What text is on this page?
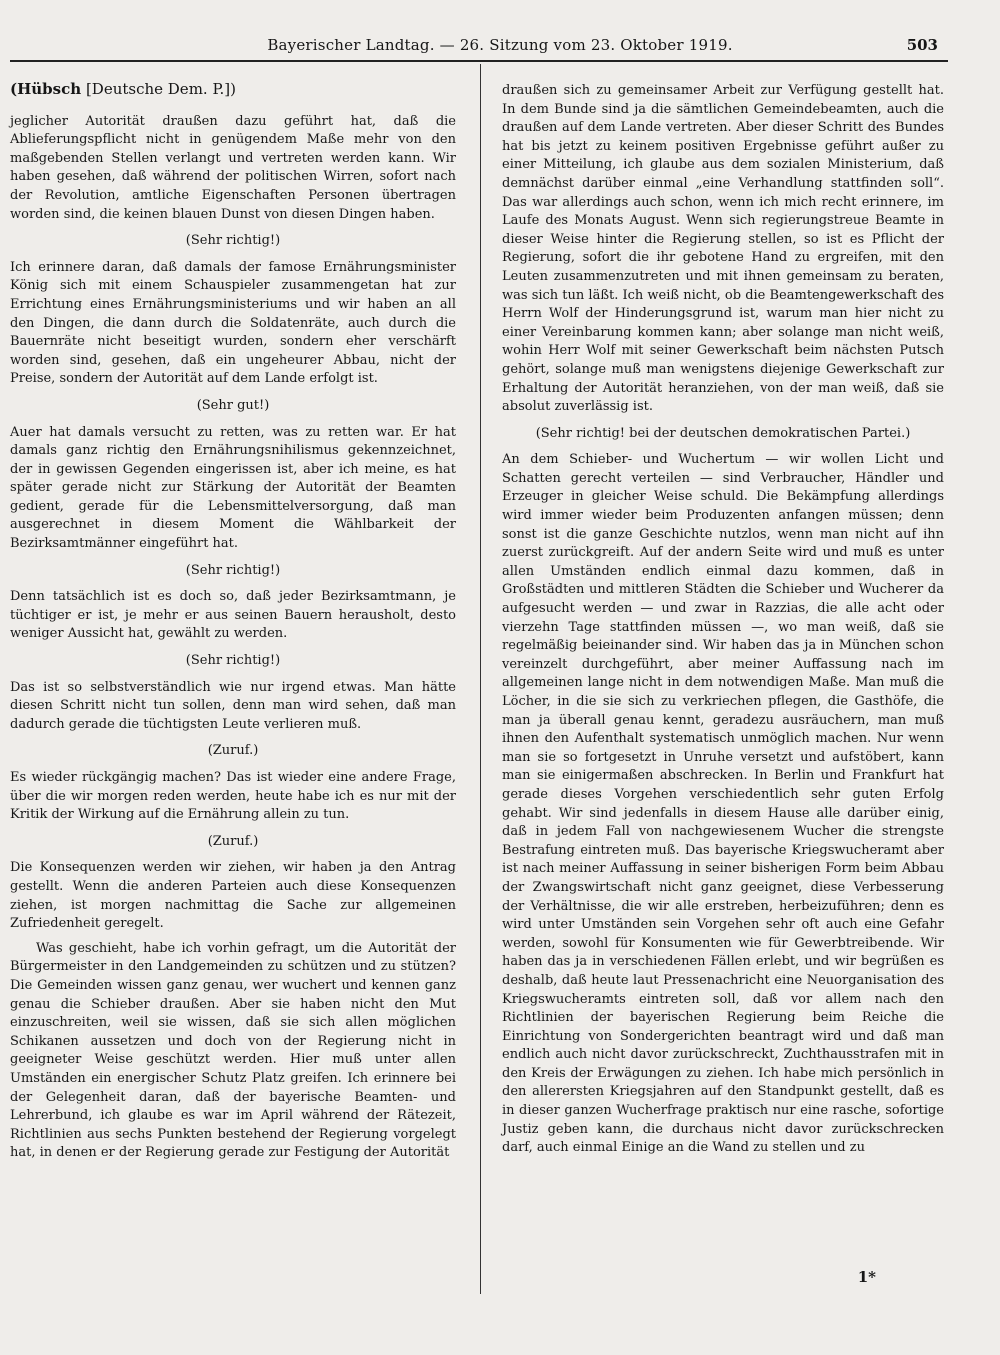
Bayerischer Landtag. — 26. Sitzung vom 23. Oktober 1919.	503
(Hübsch [Deutsche Dem. P.])

jeglicher Autorität draußen dazu geführt hat, daß die Ablieferungspflicht nicht in genügendem Maße mehr von den maßgebenden Stellen verlangt und vertreten werden kann. Wir haben gesehen, daß während der politischen Wirren, sofort nach der Revolution, amtliche Eigenschaften Personen übertragen worden sind, die keinen blauen Dunst von diesen Dingen haben.

(Sehr richtig!)

Ich erinnere daran, daß damals der famose Ernährungsminister König sich mit einem Schauspieler zusammengetan hat zur Errichtung eines Ernährungsministeriums und wir haben an all den Dingen, die dann durch die Soldatenräte, auch durch die Bauernräte nicht beseitigt wurden, sondern eher verschärft worden sind, gesehen, daß ein ungeheurer Abbau, nicht der Preise, sondern der Autorität auf dem Lande erfolgt ist.

(Sehr gut!)

Auer hat damals versucht zu retten, was zu retten war. Er hat damals ganz richtig den Ernährungsnihilismus gekennzeichnet, der in gewissen Gegenden eingerissen ist, aber ich meine, es hat später gerade nicht zur Stärkung der Autorität der Beamten gedient, gerade für die Lebensmittelversorgung, daß man ausgerechnet in diesem Moment die Wählbarkeit der Bezirksamtmänner eingeführt hat.

(Sehr richtig!)

Denn tatsächlich ist es doch so, daß jeder Bezirksamtmann, je tüchtiger er ist, je mehr er aus seinen Bauern herausholt, desto weniger Aussicht hat, gewählt zu werden.

(Sehr richtig!)

Das ist so selbstverständlich wie nur irgend etwas. Man hätte diesen Schritt nicht tun sollen, denn man wird sehen, daß man dadurch gerade die tüchtigsten Leute verlieren muß.

(Zuruf.)

Es wieder rückgängig machen? Das ist wieder eine andere Frage, über die wir morgen reden werden, heute habe ich es nur mit der Kritik der Wirkung auf die Ernährung allein zu tun.

(Zuruf.)

Die Konsequenzen werden wir ziehen, wir haben ja den Antrag gestellt. Wenn die anderen Parteien auch diese Konsequenzen ziehen, ist morgen nachmittag die Sache zur allgemeinen Zufriedenheit geregelt.

Was geschieht, habe ich vorhin gefragt, um die Autorität der Bürgermeister in den Landgemeinden zu schützen und zu stützen? Die Gemeinden wissen ganz genau, wer wuchert und kennen ganz genau die Schieber draußen. Aber sie haben nicht den Mut einzuschreiten, weil sie wissen, daß sie sich allen möglichen Schikanen aussetzen und doch von der Regierung nicht in geeigneter Weise geschützt werden. Hier muß unter allen Umständen ein energischer Schutz Platz greifen. Ich erinnere bei der Gelegenheit daran, daß der bayerische Beamten- und Lehrerbund, ich glaube es war im April während der Rätezeit, Richtlinien aus sechs Punkten bestehend der Regierung vorgelegt hat, in denen er der Regierung gerade zur Festigung der Autorität

draußen sich zu gemeinsamer Arbeit zur Verfügung gestellt hat. In dem Bunde sind ja die sämtlichen Gemeindebeamten, auch die draußen auf dem Lande vertreten. Aber dieser Schritt des Bundes hat bis jetzt zu keinem positiven Ergebnisse geführt außer zu einer Mitteilung, ich glaube aus dem sozialen Ministerium, daß demnächst darüber einmal „eine Verhandlung stattfinden soll“. Das war allerdings auch schon, wenn ich mich recht erinnere, im Laufe des Monats August. Wenn sich regierungstreue Beamte in dieser Weise hinter die Regierung stellen, so ist es Pflicht der Regierung, sofort die ihr gebotene Hand zu ergreifen, mit den Leuten zusammenzutreten und mit ihnen gemeinsam zu beraten, was sich tun läßt. Ich weiß nicht, ob die Beamtengewerkschaft des Herrn Wolf der Hinderungsgrund ist, warum man hier nicht zu einer Vereinbarung kommen kann; aber solange man nicht weiß, wohin Herr Wolf mit seiner Gewerkschaft beim nächsten Putsch gehört, solange muß man wenigstens diejenige Gewerkschaft zur Erhaltung der Autorität heranziehen, von der man weiß, daß sie absolut zuverlässig ist.

(Sehr richtig! bei der deutschen demokratischen Partei.)

An dem Schieber- und Wuchertum — wir wollen Licht und Schatten gerecht verteilen — sind Verbraucher, Händler und Erzeuger in gleicher Weise schuld. Die Bekämpfung allerdings wird immer wieder beim Produzenten anfangen müssen; denn sonst ist die ganze Geschichte nutzlos, wenn man nicht auf ihn zuerst zurückgreift. Auf der andern Seite wird und muß es unter allen Umständen endlich einmal dazu kommen, daß in Großstädten und mittleren Städten die Schieber und Wucherer da aufgesucht werden — und zwar in Razzias, die alle acht oder vierzehn Tage stattfinden müssen —, wo man weiß, daß sie regelmäßig beieinander sind. Wir haben das ja in München schon vereinzelt durchgeführt, aber meiner Auffassung nach im allgemeinen lange nicht in dem notwendigen Maße. Man muß die Löcher, in die sie sich zu verkriechen pflegen, die Gasthöfe, die man ja überall genau kennt, geradezu ausräuchern, man muß ihnen den Aufenthalt systematisch unmöglich machen. Nur wenn man sie so fortgesetzt in Unruhe versetzt und aufstöbert, kann man sie einigermaßen abschrecken. In Berlin und Frankfurt hat gerade dieses Vorgehen verschiedentlich sehr guten Erfolg gehabt. Wir sind jedenfalls in diesem Hause alle darüber einig, daß in jedem Fall von nachgewiesenem Wucher die strengste Bestrafung eintreten muß. Das bayerische Kriegswucheramt aber ist nach meiner Auffassung in seiner bisherigen Form beim Abbau der Zwangswirtschaft nicht ganz geeignet, diese Verbesserung der Verhältnisse, die wir alle erstreben, herbeizuführen; denn es wird unter Umständen sein Vorgehen sehr oft auch eine Gefahr werden, sowohl für Konsumenten wie für Gewerbtreibende. Wir haben das ja in verschiedenen Fällen erlebt, und wir begrüßen es deshalb, daß heute laut Pressenachricht eine Neuorganisation des Kriegswucheramts eintreten soll, daß vor allem nach den Richtlinien der bayerischen Regierung beim Reiche die Einrichtung von Sondergerichten beantragt wird und daß man endlich auch nicht davor zurückschreckt, Zuchthausstrafen mit in den Kreis der Erwägungen zu ziehen. Ich habe mich persönlich in den allerersten Kriegsjahren auf den Standpunkt gestellt, daß es in dieser ganzen Wucherfrage praktisch nur eine rasche, sofortige Justiz geben kann, die durchaus nicht davor zurückschrecken darf, auch einmal Einige an die Wand zu stellen und zu

1*
